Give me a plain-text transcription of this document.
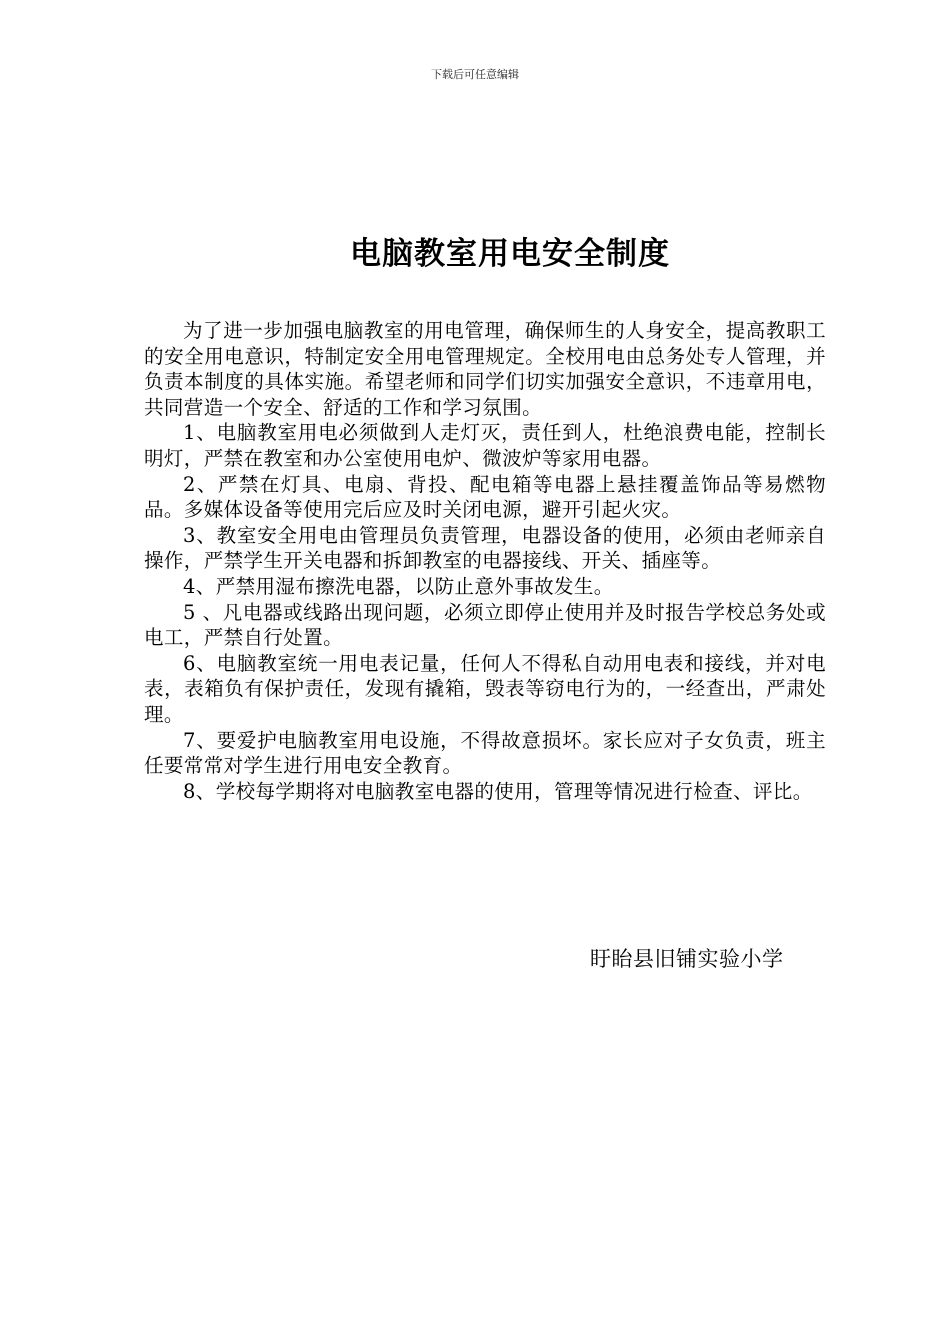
下载后可任意编辑
电脑教室用电安全制度

为了进一步加强电脑教室的用电管理，确保师生的人身安全，提高教职工的安全用电意识，特制定安全用电管理规定。全校用电由总务处专人管理，并负责本制度的具体实施。希望老师和同学们切实加强安全意识，不违章用电，共同营造一个安全、舒适的工作和学习氛围。

1、电脑教室用电必须做到人走灯灭，责任到人，杜绝浪费电能，控制长明灯，严禁在教室和办公室使用电炉、微波炉等家用电器。

2、严禁在灯具、电扇、背投、配电箱等电器上悬挂覆盖饰品等易燃物品。多媒体设备等使用完后应及时关闭电源，避开引起火灾。

3、教室安全用电由管理员负责管理，电器设备的使用，必须由老师亲自操作，严禁学生开关电器和拆卸教室的电器接线、开关、插座等。

4、严禁用湿布擦洗电器，以防止意外事故发生。

5 、凡电器或线路出现问题，必须立即停止使用并及时报告学校总务处或电工，严禁自行处置。

6、电脑教室统一用电表记量，任何人不得私自动用电表和接线，并对电表，表箱负有保护责任，发现有撬箱，毁表等窃电行为的，一经查出，严肃处理。

7、要爱护电脑教室用电设施，不得故意损坏。家长应对子女负责，班主任要常常对学生进行用电安全教育。

8、学校每学期将对电脑教室电器的使用，管理等情况进行检查、评比。

盱眙县旧铺实验小学
